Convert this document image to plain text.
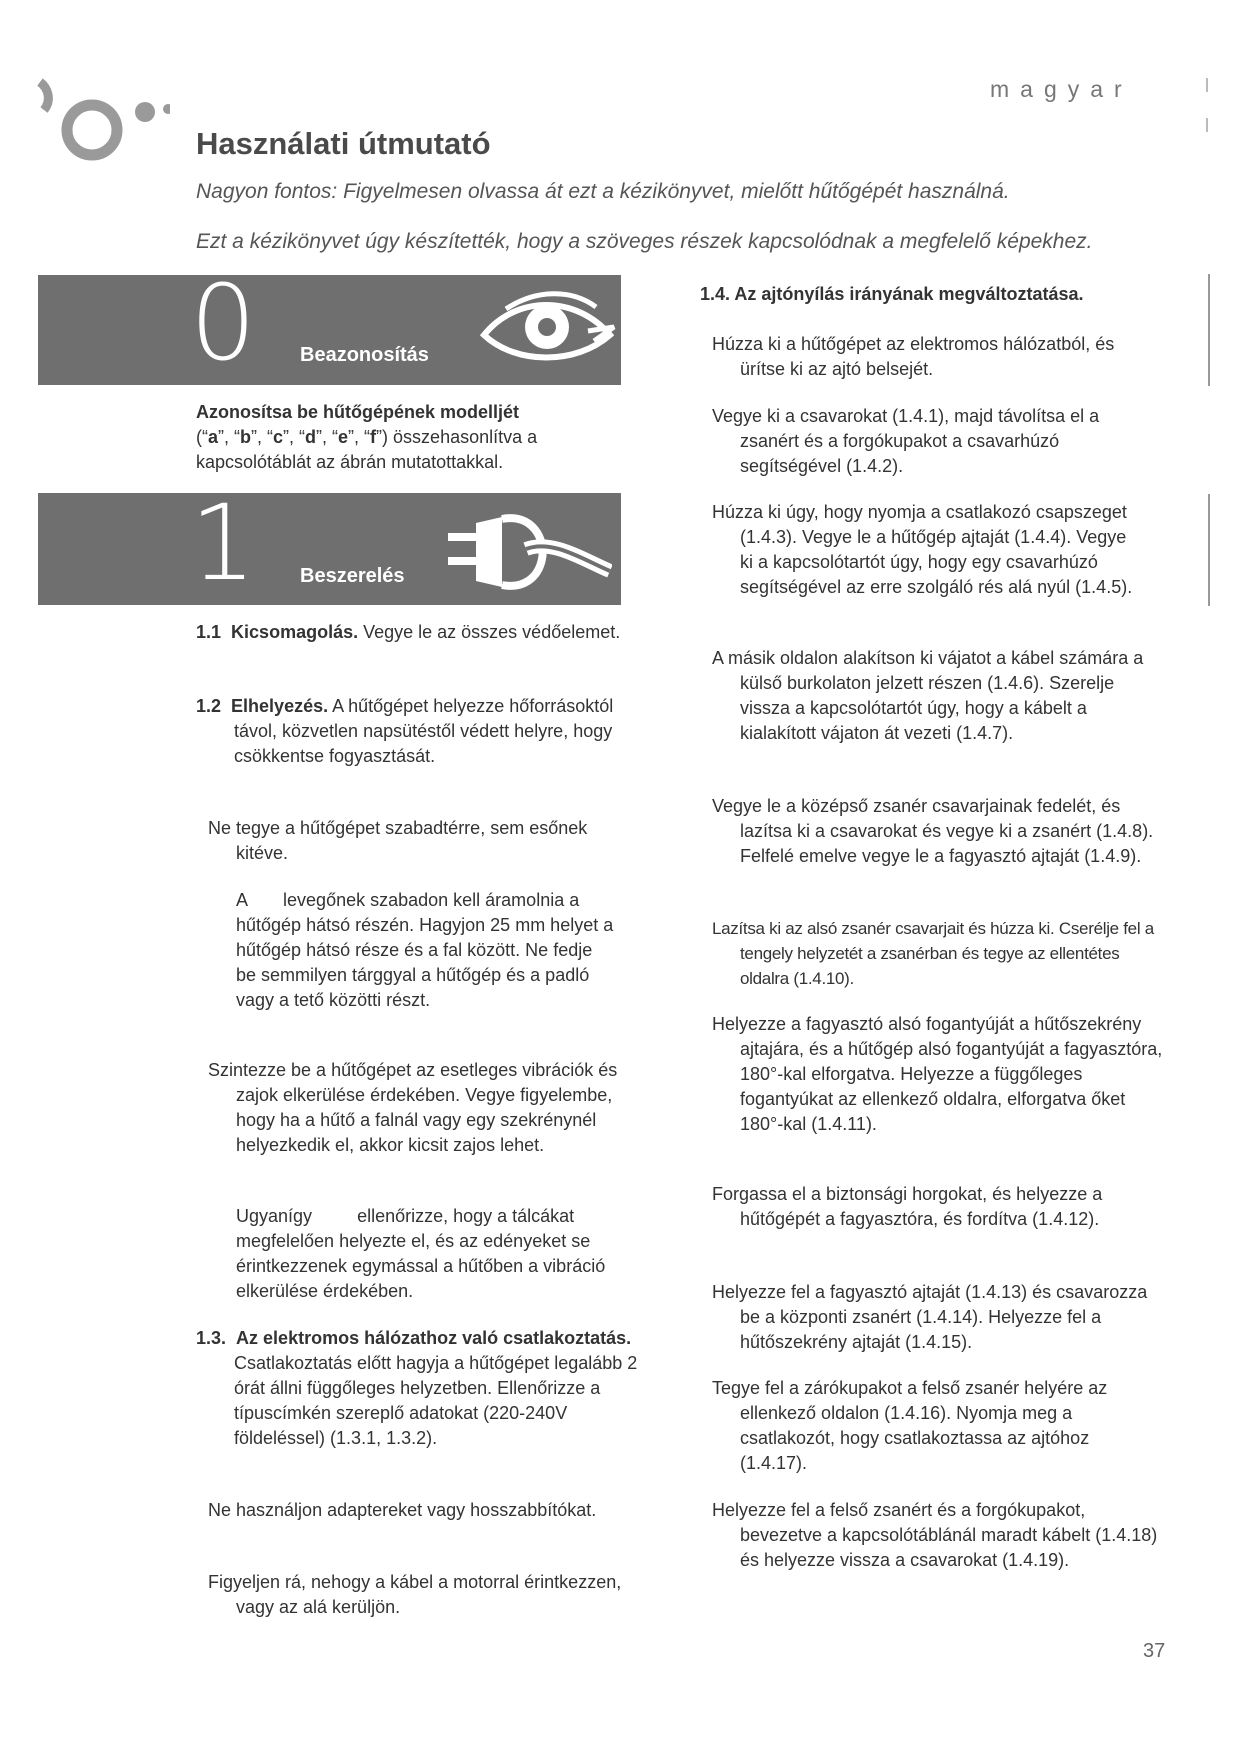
magyar
Használati útmutató
Nagyon fontos: Figyelmesen olvassa át ezt a kézikönyvet, mielőtt hűtőgépét használná.
Ezt a kézikönyvet úgy készítették, hogy a szöveges részek kapcsolódnak a megfelelő képekhez.
0 Beazonosítás
Azonosítsa be hűtőgépének modelljét
(“a”, “b”, “c”, “d”, “e”, “f”) összehasonlítva a kapcsolótáblát az ábrán mutatottakkal.
1 Beszerelés
1.1 Kicsomagolás. Vegye le az összes védőelemet.
1.2 Elhelyezés. A hűtőgépet helyezze hőforrásoktól távol, közvetlen napsütéstől védett helyre, hogy csökkentse fogyasztását.
Ne tegye a hűtőgépet szabadtérre, sem esőnek kitéve.
A levegőnek szabadon kell áramolnia a hűtőgép hátsó részén. Hagyjon 25 mm helyet a hűtőgép hátsó része és a fal között. Ne fedje be semmilyen tárggyal a hűtőgép és a padló vagy a tető közötti részt.
Szintezze be a hűtőgépet az esetleges vibrációk és zajok elkerülése érdekében. Vegye figyelembe, hogy ha a hűtő a falnál vagy egy szekrénynél helyezkedik el, akkor kicsit zajos lehet.
Ugyanígy	ellenőrizze, hogy a tálcákat megfelelően helyezte el, és az edényeket se érintkezzenek egymással a hűtőben a vibráció elkerülése érdekében.
1.3. Az elektromos hálózathoz való csatlakoztatás. Csatlakoztatás előtt hagyja a hűtőgépet legalább 2 órát állni függőleges helyzetben. Ellenőrizze a típuscímkén szereplő adatokat (220-240V földeléssel) (1.3.1, 1.3.2).
Ne használjon adaptereket vagy hosszabbítókat.
Figyeljen rá, nehogy a kábel a motorral érintkezzen, vagy az alá kerüljön.
1.4. Az ajtónyílás irányának megváltoztatása.
Húzza ki a hűtőgépet az elektromos hálózatból, és ürítse ki az ajtó belsejét.
Vegye ki a csavarokat (1.4.1), majd távolítsa el a zsanért és a forgókupakot a csavarhúzó segítségével (1.4.2).
Húzza ki úgy, hogy nyomja a csatlakozó csapszeget (1.4.3). Vegye le a hűtőgép ajtaját (1.4.4). Vegye ki a kapcsolótartót úgy, hogy egy csavarhúzó segítségével az erre szolgáló rés alá nyúl (1.4.5).
A másik oldalon alakítson ki vájatot a kábel számára a külső burkolaton jelzett részen (1.4.6). Szerelje vissza a kapcsolótartót úgy, hogy a kábelt a kialakított vájaton át vezeti (1.4.7).
Vegye le a középső zsanér csavarjainak fedelét, és lazítsa ki a csavarokat és vegye ki a zsanért (1.4.8). Felfelé emelve vegye le a fagyasztó ajtaját (1.4.9).
Lazítsa ki az alsó zsanér csavarjait és húzza ki. Cserélje fel a tengely helyzetét a zsanérban és tegye az ellentétes oldalra (1.4.10).
Helyezze a fagyasztó alsó fogantyúját a hűtőszekrény ajtajára, és a hűtőgép alsó fogantyúját a fagyasztóra, 180°-kal elforgatva. Helyezze a függőleges fogantyúkat az ellenkező oldalra, elforgatva őket 180°-kal (1.4.11).
Forgassa el a biztonsági horgokat, és helyezze a hűtőgépét a fagyasztóra, és fordítva (1.4.12).
Helyezze fel a fagyasztó ajtaját (1.4.13) és csavarozza be a központi zsanért (1.4.14). Helyezze fel a hűtőszekrény ajtaját (1.4.15).
Tegye fel a zárókupakot a felső zsanér helyére az ellenkező oldalon (1.4.16). Nyomja meg a csatlakozót, hogy csatlakoztassa az ajtóhoz (1.4.17).
Helyezze fel a felső zsanért és a forgókupakot, bevezetve a kapcsolótáblánál maradt kábelt (1.4.18) és helyezze vissza a csavarokat (1.4.19).
37
